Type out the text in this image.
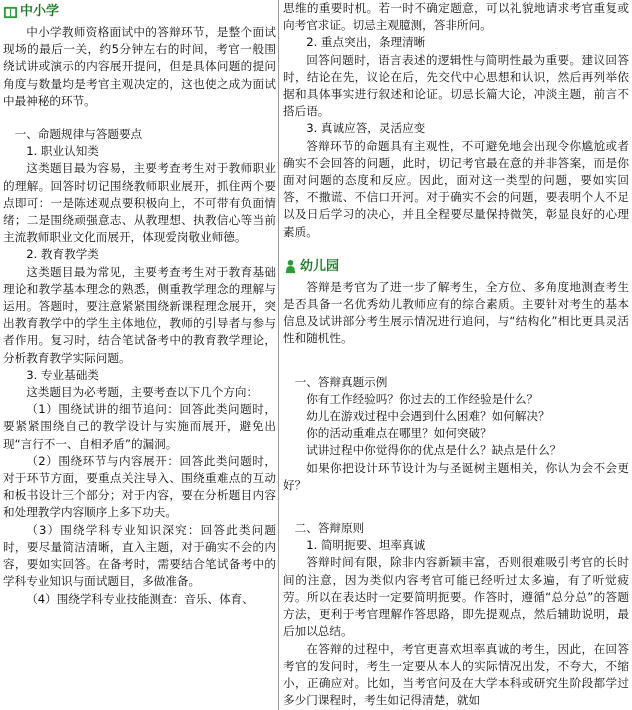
中小学

中小学教师资格面试中的答辩环节，是整个面试现场的最后一关，约5分钟左右的时间，考官一般围绕试讲或演示的内容展开提问，但是具体问题的提问角度与数量均是考官主观决定的，这也使之成为面试中最神秘的环节。

一、命题规律与答题要点

1. 职业认知类

这类题目最为容易，主要考查考生对于教师职业的理解。回答时切记围绕教师职业展开，抓住两个要点即可：一是陈述观点要积极向上，不可带有负面情绪；二是围绕顽强意志、从教理想、执教信心等当前主流教师职业文化而展开，体现爱岗敬业师德。

2. 教育教学类

这类题目最为常见，主要考查考生对于教育基础理论和教学基本理念的熟悉，侧重教学理念的理解与运用。答题时，要注意紧紧围绕新课程理念展开，突出教育教学中的学生主体地位，教师的引导者与参与者作用。复习时，结合笔试备考中的教育教学理论，分析教育教学实际问题。

3. 专业基础类

这类题目为必考题，主要考查以下几个方向：

（1）围绕试讲的细节追问：回答此类问题时，要紧紧围绕自己的教学设计与实施而展开，避免出现“言行不一、自相矛盾”的漏洞。

（2）围绕环节与内容展开：回答此类问题时，对于环节方面，要重点关注导入、围绕重难点的互动和板书设计三个部分；对于内容，要在分析题目内容和处理教学内容顺序上多下功夫。

（3）围绕学科专业知识深究：回答此类问题时，要尽量简洁清晰，直入主题，对于确实不会的内容，要如实回答。在备考时，需要结合笔试备考中的学科专业知识与面试题目，多做准备。

（4）围绕学科专业技能测查：音乐、体育、

思维的重要时机。若一时不确定题意，可以礼貌地请求考官重复或向考官求证。切忌主观臆测，答非所问。

2. 重点突出，条理清晰

回答问题时，语言表述的逻辑性与简明性最为重要。建议回答时，结论在先，议论在后，先交代中心思想和认识，然后再列举依据和具体事实进行叙述和论证。切忌长篇大论，冲淡主题，前言不搭后语。

3. 真诚应答，灵活应变

答辩环节的命题具有主观性，不可避免地会出现令你尴尬或者确实不会回答的问题，此时，切记考官最在意的并非答案，而是你面对问题的态度和反应。因此，面对这一类型的问题，要如实回答，不撒谎、不信口开河。对于确实不会的问题，要表明个人不足以及日后学习的决心，并且全程要尽量保持微笑，彰显良好的心理素质。

幼儿园

答辩是考官为了进一步了解考生，全方位、多角度地测查考生是否具备一名优秀幼儿教师应有的综合素质。主要针对考生的基本信息及试讲部分考生展示情况进行追问，与“结构化”相比更具灵活性和随机性。

一、答辩真题示例

你有工作经验吗？你过去的工作经验是什么？

幼儿在游戏过程中会遇到什么困难？如何解决？

你的活动重难点在哪里？如何突破？

试讲过程中你觉得你的优点是什么？缺点是什么？

如果你把设计环节设计为与圣诞树主题相关，你认为会不会更好？

二、答辩原则

1. 简明扼要、坦率真诚

答辩时间有限，除非内容新颖丰富，否则很难吸引考官的长时间的注意，因为类似内容考官可能已经听过太多遍，有了听觉疲劳。所以在表达时一定要简明扼要。作答时，遵循“总分总”的答题方法，更利于考官理解作答思路，即先提观点，然后辅助说明，最后加以总结。

在答辩的过程中，考官更喜欢坦率真诚的考生，因此，在回答考官的发问时，考生一定要从本人的实际情况出发，不夸大，不缩小，正确应对。比如，当考官问及在大学本科或研究生阶段都学过多少门课程时，考生如记得清楚，就如
